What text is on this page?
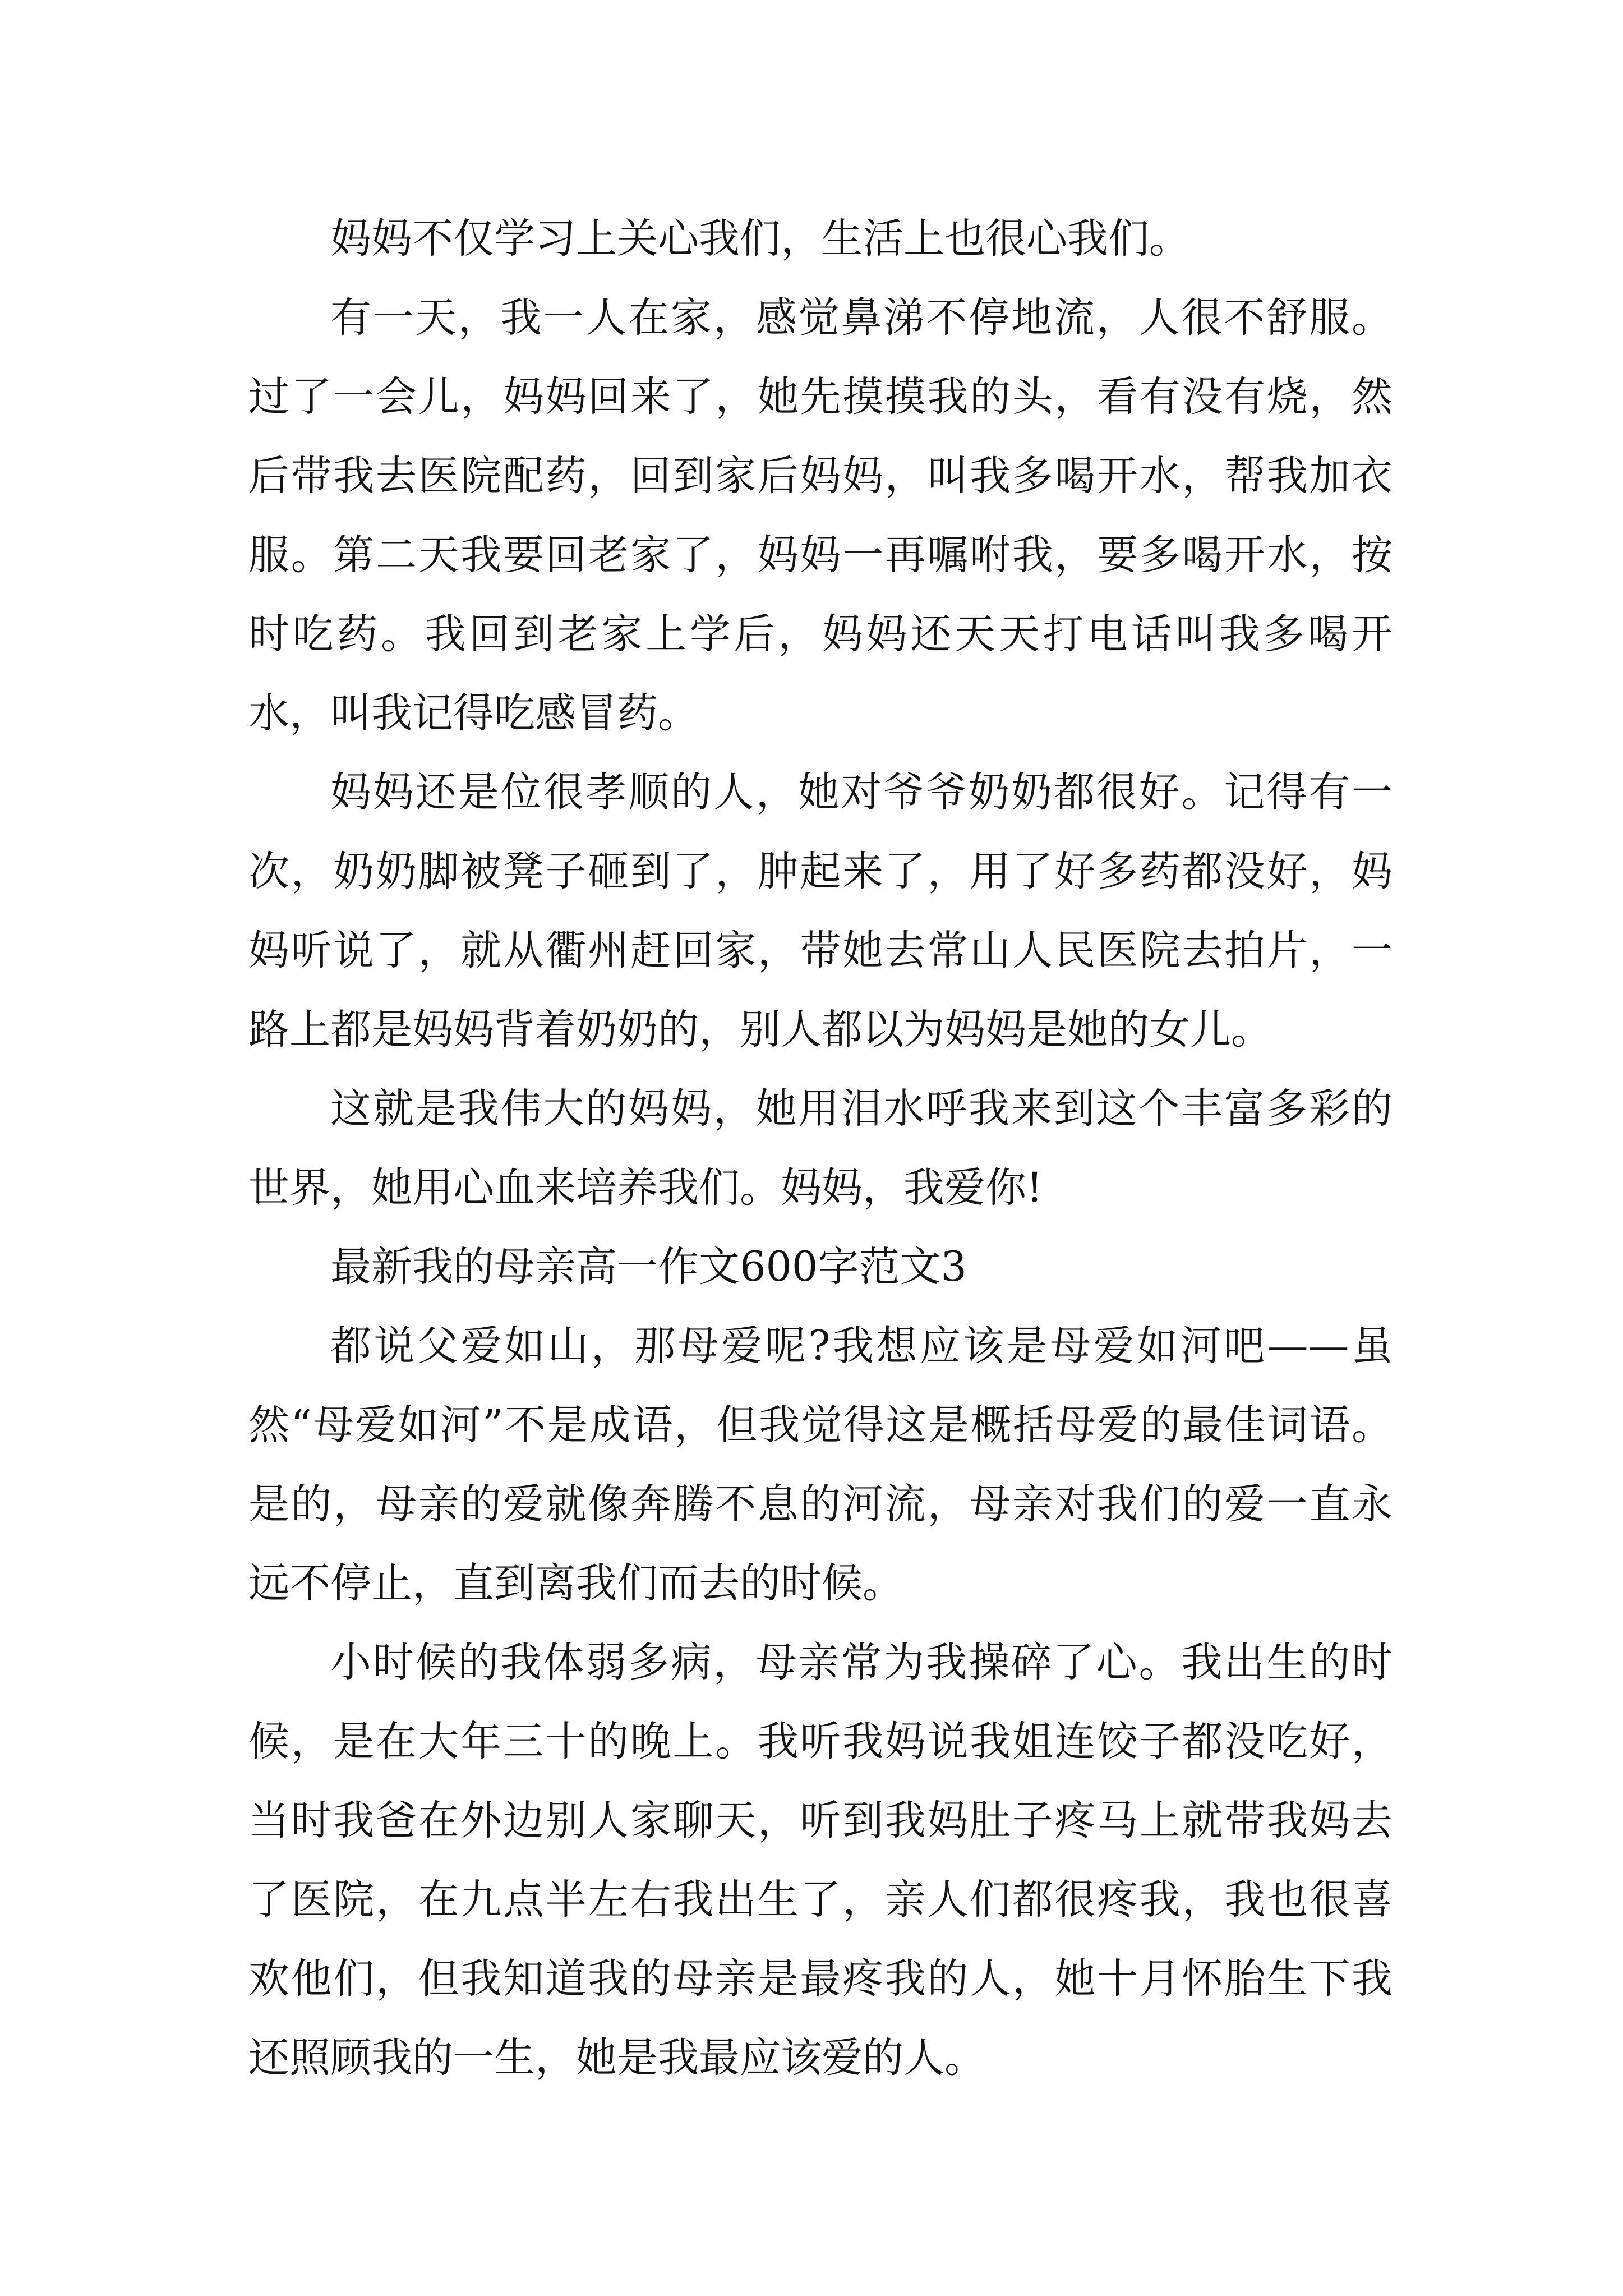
妈妈不仅学习上关心我们，生活上也很心我们。

有一天，我一人在家，感觉鼻涕不停地流，人很不舒服。过了一会儿，妈妈回来了，她先摸摸我的头，看有没有烧，然后带我去医院配药，回到家后妈妈，叫我多喝开水，帮我加衣服。第二天我要回老家了，妈妈一再嘱咐我，要多喝开水，按时吃药。我回到老家上学后，妈妈还天天打电话叫我多喝开水，叫我记得吃感冒药。

妈妈还是位很孝顺的人，她对爷爷奶奶都很好。记得有一次，奶奶脚被凳子砸到了，肿起来了，用了好多药都没好，妈妈听说了，就从衢州赶回家，带她去常山人民医院去拍片，一路上都是妈妈背着奶奶的，别人都以为妈妈是她的女儿。

这就是我伟大的妈妈，她用泪水呼我来到这个丰富多彩的世界，她用心血来培养我们。妈妈，我爱你!

最新我的母亲高一作文600字范文3

都说父爱如山，那母爱呢?我想应该是母爱如河吧——虽然“母爱如河”不是成语，但我觉得这是概括母爱的最佳词语。是的，母亲的爱就像奔腾不息的河流，母亲对我们的爱一直永远不停止，直到离我们而去的时候。

小时候的我体弱多病，母亲常为我操碎了心。我出生的时候，是在大年三十的晚上。我听我妈说我姐连饺子都没吃好，当时我爸在外边别人家聊天，听到我妈肚子疼马上就带我妈去了医院，在九点半左右我出生了，亲人们都很疼我，我也很喜欢他们，但我知道我的母亲是最疼我的人，她十月怀胎生下我还照顾我的一生，她是我最应该爱的人。
